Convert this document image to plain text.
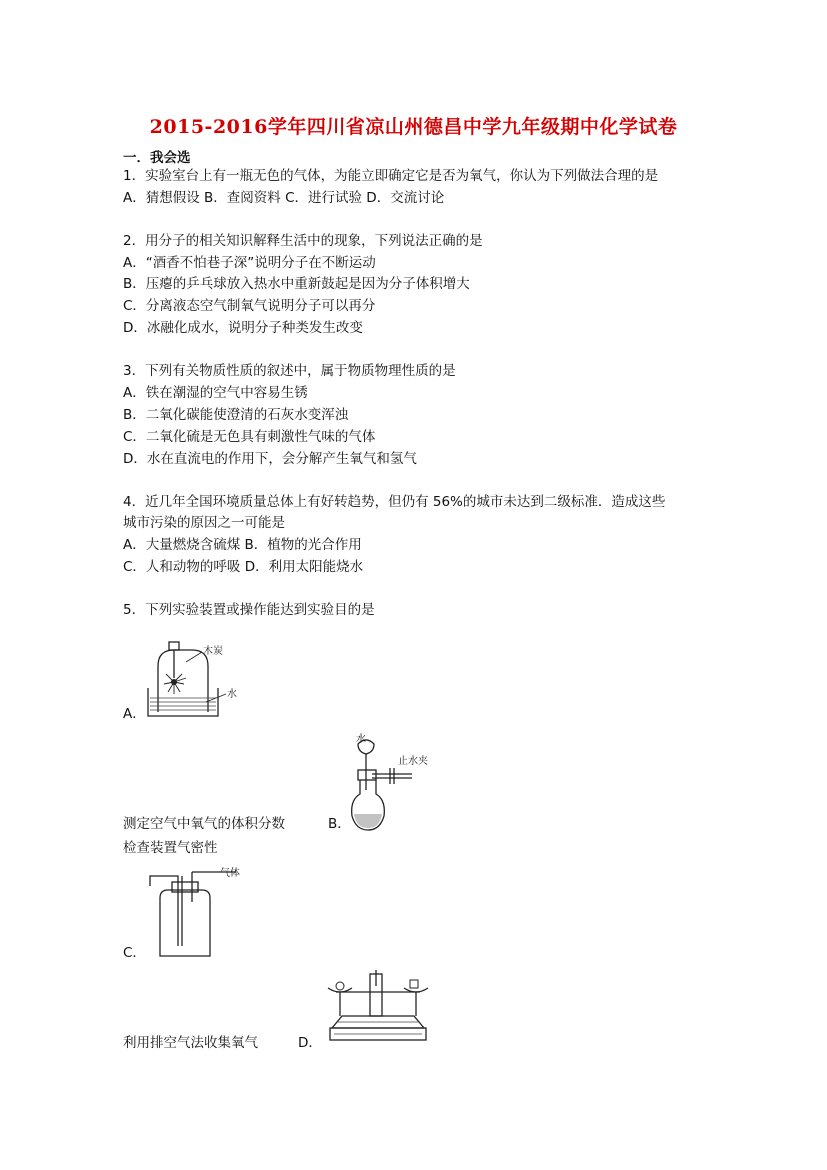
2015-2016学年四川省凉山州德昌中学九年级期中化学试卷
一．我会选
1．实验室台上有一瓶无色的气体，为能立即确定它是否为氧气，你认为下列做法合理的是
A．猜想假设 B．查阅资料 C．进行试验 D．交流讨论
2．用分子的相关知识解释生活中的现象，下列说法正确的是
A．“酒香不怕巷子深”说明分子在不断运动
B．压瘪的乒乓球放入热水中重新鼓起是因为分子体积增大
C．分离液态空气制氧气说明分子可以再分
D．冰融化成水，说明分子种类发生改变
3．下列有关物质性质的叙述中，属于物质物理性质的是
A．铁在潮湿的空气中容易生锈
B．二氧化碳能使澄清的石灰水变浑浊
C．二氧化硫是无色具有刺激性气味的气体
D．水在直流电的作用下，会分解产生氧气和氢气
4．近几年全国环境质量总体上有好转趋势，但仍有 56%的城市未达到二级标准．造成这些
城市污染的原因之一可能是
A．大量燃烧含硫煤 B．植物的光合作用
C．人和动物的呼吸 D．利用太阳能烧水
5．下列实验装置或操作能达到实验目的是
木炭
水
A．
水
止水夹
测定空气中氧气的体积分数	B．
检查装置气密性
气体
C．
利用排空气法收集氧气	D．
